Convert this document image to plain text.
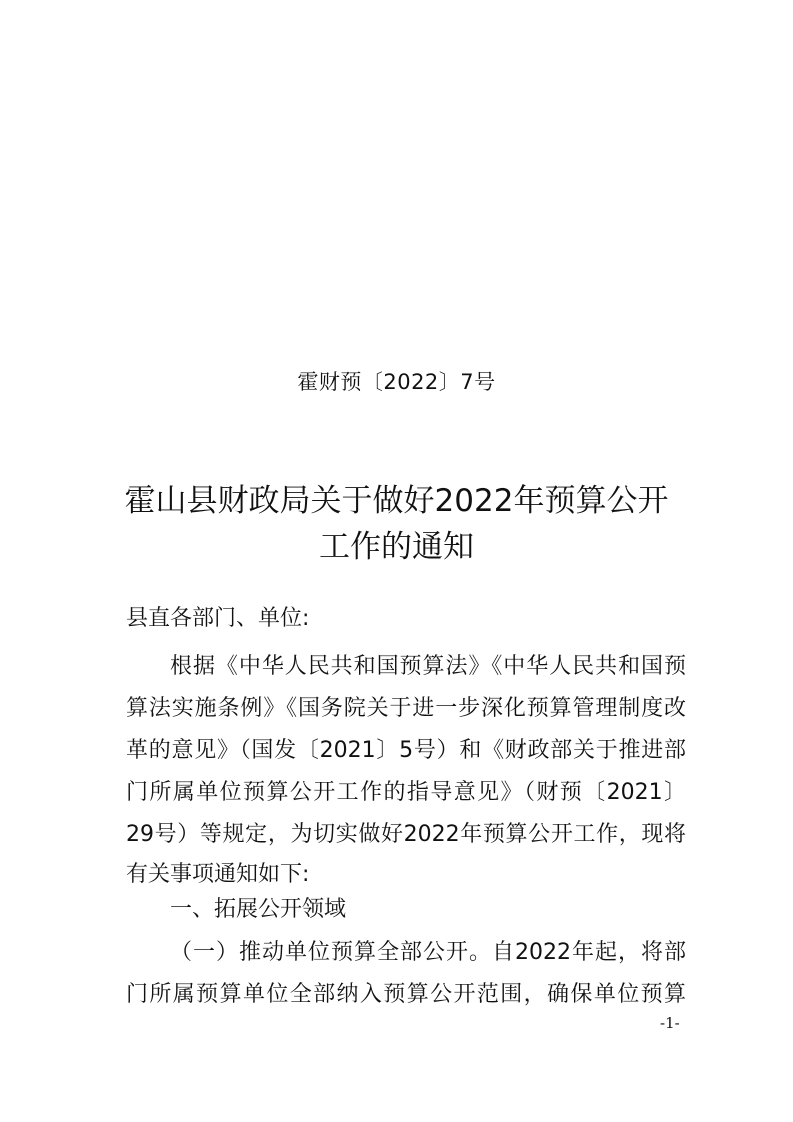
霍财预〔2022〕7号
霍山县财政局关于做好2022年预算公开
工作的通知
县直各部门、单位:
根据《中华人民共和国预算法》《中华人民共和国预
算法实施条例》《国务院关于进一步深化预算管理制度改
革的意见》（国发〔2021〕5号）和《财政部关于推进部
门所属单位预算公开工作的指导意见》（财预〔2021〕
29号）等规定，为切实做好2022年预算公开工作，现将
有关事项通知如下:
一、拓展公开领域
（一）推动单位预算全部公开。自2022年起，将部
门所属预算单位全部纳入预算公开范围，确保单位预算
-1-
